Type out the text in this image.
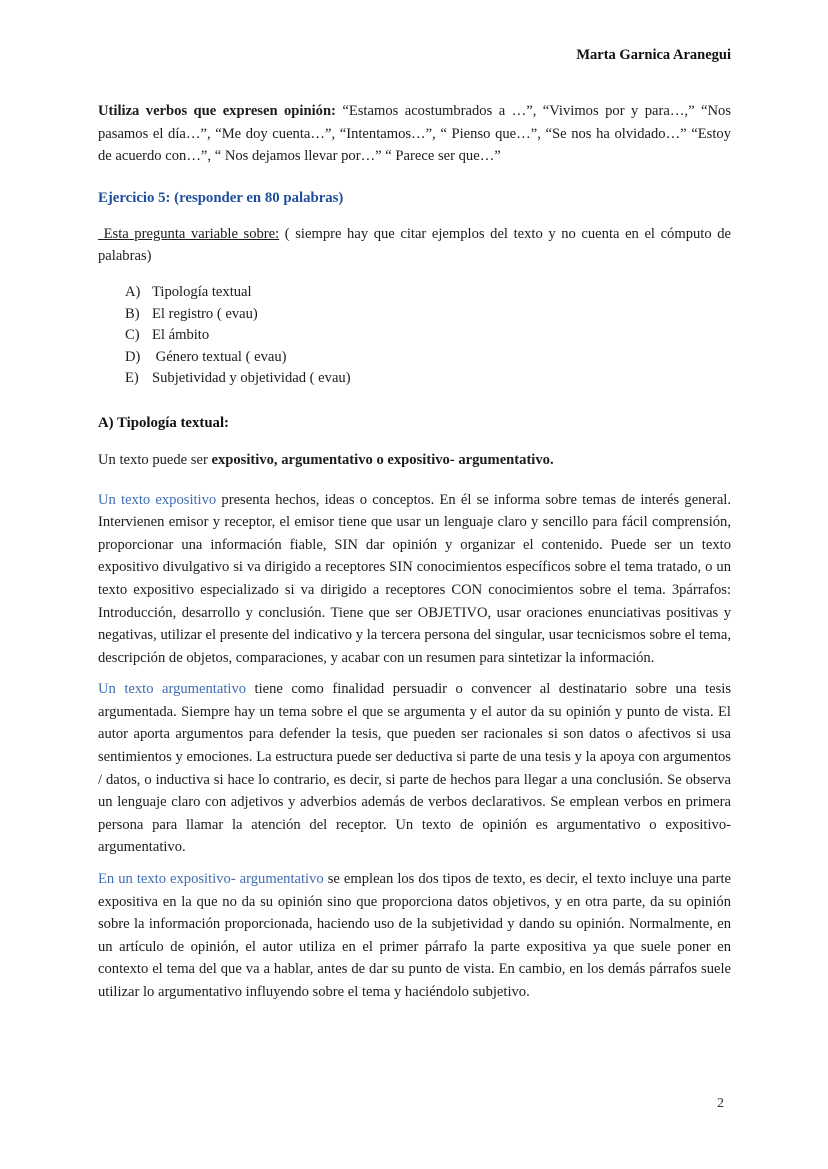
Marta Garnica Aranegui

Utiliza verbos que expresen opinión: “Estamos acostumbrados a …”, “Vivimos por y para…,” “Nos pasamos el día…”, “Me doy cuenta…”, “Intentamos…”, “ Pienso que…”, “Se nos ha olvidado…” “Estoy de acuerdo con…”, “ Nos dejamos llevar por…” “ Parece ser que…”

Ejercicio 5: (responder en 80 palabras)

Esta pregunta variable sobre: ( siempre hay que citar ejemplos del texto y no cuenta en el cómputo de palabras)

A) Tipología textual
B) El registro ( evau)
C) El ámbito
D) Género textual ( evau)
E) Subjetividad y objetividad ( evau)

A) Tipología textual:

Un texto puede ser expositivo, argumentativo o expositivo- argumentativo.

Un texto expositivo presenta hechos, ideas o conceptos. En él se informa sobre temas de interés general. Intervienen emisor y receptor, el emisor tiene que usar un lenguaje claro y sencillo para fácil comprensión, proporcionar una información fiable, SIN dar opinión y organizar el contenido. Puede ser un texto expositivo divulgativo si va dirigido a receptores SIN conocimientos específicos sobre el tema tratado, o un texto expositivo especializado si va dirigido a receptores CON conocimientos sobre el tema. 3párrafos: Introducción, desarrollo y conclusión. Tiene que ser OBJETIVO, usar oraciones enunciativas positivas y negativas, utilizar el presente del indicativo y la tercera persona del singular, usar tecnicismos sobre el tema, descripción de objetos, comparaciones, y acabar con un resumen para sintetizar la información.

Un texto argumentativo tiene como finalidad persuadir o convencer al destinatario sobre una tesis argumentada. Siempre hay un tema sobre el que se argumenta y el autor da su opinión y punto de vista. El autor aporta argumentos para defender la tesis, que pueden ser racionales si son datos o afectivos si usa sentimientos y emociones. La estructura puede ser deductiva si parte de una tesis y la apoya con argumentos / datos, o inductiva si hace lo contrario, es decir, si parte de hechos para llegar a una conclusión. Se observa un lenguaje claro con adjetivos y adverbios además de verbos declarativos. Se emplean verbos en primera persona para llamar la atención del receptor. Un texto de opinión es argumentativo o expositivo- argumentativo.

En un texto expositivo- argumentativo se emplean los dos tipos de texto, es decir, el texto incluye una parte expositiva en la que no da su opinión sino que proporciona datos objetivos, y en otra parte, da su opinión sobre la información proporcionada, haciendo uso de la subjetividad y dando su opinión. Normalmente, en un artículo de opinión, el autor utiliza en el primer párrafo la parte expositiva ya que suele poner en contexto el tema del que va a hablar, antes de dar su punto de vista. En cambio, en los demás párrafos suele utilizar lo argumentativo influyendo sobre el tema y haciéndolo subjetivo.

2
